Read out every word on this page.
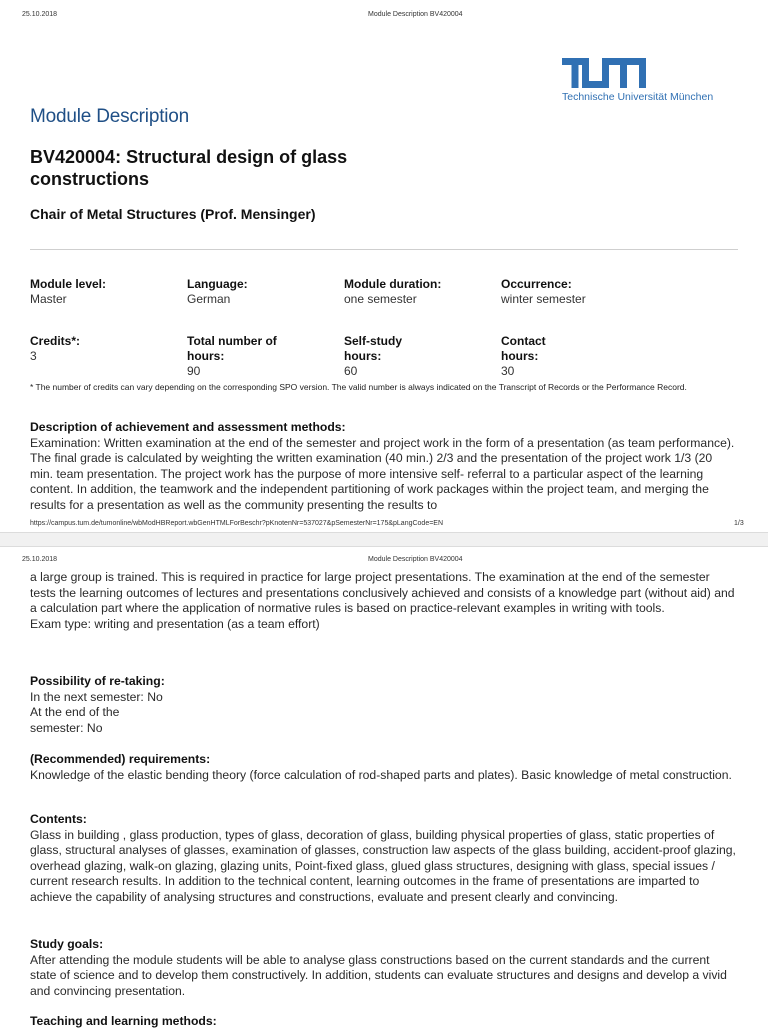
25.10.2018	Module Description BV420004
Technische Universität München
Module Description
BV420004: Structural design of glass constructions
Chair of Metal Structures (Prof. Mensinger)
Module level:
Master
Language:
German
Module duration:
one semester
Occurrence:
winter semester
Credits*:
3
Total number of hours:
90
Self-study hours:
60
Contact hours:
30
* The number of credits can vary depending on the corresponding SPO version. The valid number is always indicated on the Transcript of Records or the Performance Record.
Description of achievement and assessment methods:
Examination: Written examination at the end of the semester and project work in the form of a presentation (as team performance). The final grade is calculated by weighting the written examination (40 min.) 2/3 and the presentation of the project work 1/3 (20 min. team presentation. The project work has the purpose of more intensive self- referral to a particular aspect of the learning content. In addition, the teamwork and the independent partitioning of work packages within the project team, and merging the results for a presentation as well as the community presenting the results to
https://campus.tum.de/tumonline/wbModHBReport.wbGenHTMLForBeschr?pKnotenNr=537027&pSemesterNr=175&pLangCode=EN	1/3
25.10.2018	Module Description BV420004
a large group is trained. This is required in practice for large project presentations. The examination at the end of the semester tests the learning outcomes of lectures and presentations conclusively achieved and consists of a knowledge part (without aid) and a calculation part where the application of normative rules is based on practice-relevant examples in writing with tools.
Exam type: writing and presentation (as a team effort)
Possibility of re-taking:
In the next semester: No
At the end of the
semester: No
(Recommended) requirements:
Knowledge of the elastic bending theory (force calculation of rod-shaped parts and plates). Basic knowledge of metal construction.
Contents:
Glass in building , glass production, types of glass, decoration of glass, building physical properties of glass, static properties of glass, structural analyses of glasses, examination of glasses, construction law aspects of the glass building, accident-proof glazing, overhead glazing, walk-on glazing, glazing units, Point-fixed glass, glued glass structures, designing with glass, special issues / current research results. In addition to the technical content, learning outcomes in the frame of presentations are imparted to achieve the capability of analysing structures and constructions, evaluate and present clearly and convincing.
Study goals:
After attending the module students will be able to analyse glass constructions based on the current standards and the current state of science and to develop them constructively. In addition, students can evaluate structures and designs and develop a vivid and convincing presentation.
Teaching and learning methods:
